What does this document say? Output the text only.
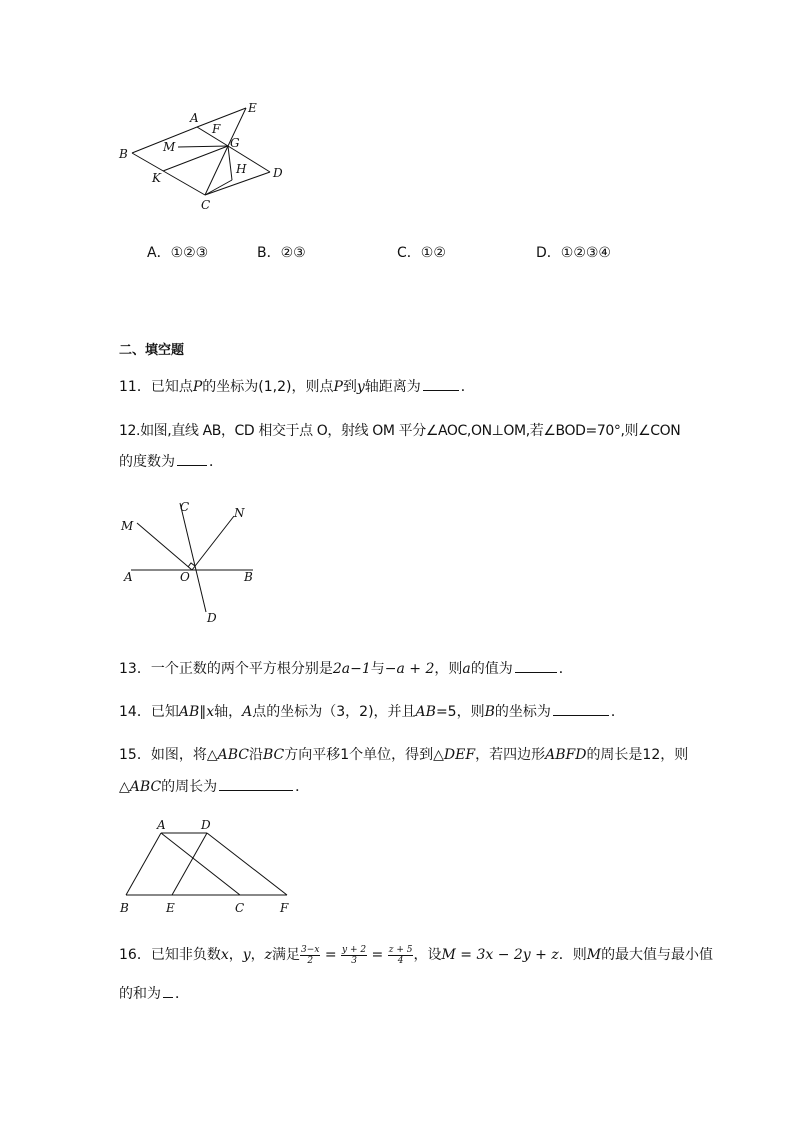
A
E
F
G
B	M
K
H D
C
A．①②③	B．②③	C．①②	D．①②③④
二、填空题
11．已知点P的坐标为(1,2)，则点P到y轴距离为	．
12.如图,直线 AB，CD 相交于点 O，射线 OM 平分∠AOC,ON⊥OM,若∠BOD=70°,则∠CON
的度数为 ．
M
C	N
A	O	B
D
13．一个正数的两个平方根分别是2a−1与−a + 2，则a的值为	．
14．已知AB∥x轴，A点的坐标为（3，2)，并且AB=5，则B的坐标为	．
15．如图，将△ABC沿BC方向平移1个单位，得到△DEF，若四边形ABFD的周长是12，则
△ABC的周长为	．
A	D
B	E	C	F
16．已知非负数x，y，z满足 $\frac{3-x}{2} = \frac{y + 2}{3} = \frac{z + 5}{4}$ ，设M = 3x − 2y + z．则M的最大值与最小值
的和为 ．
